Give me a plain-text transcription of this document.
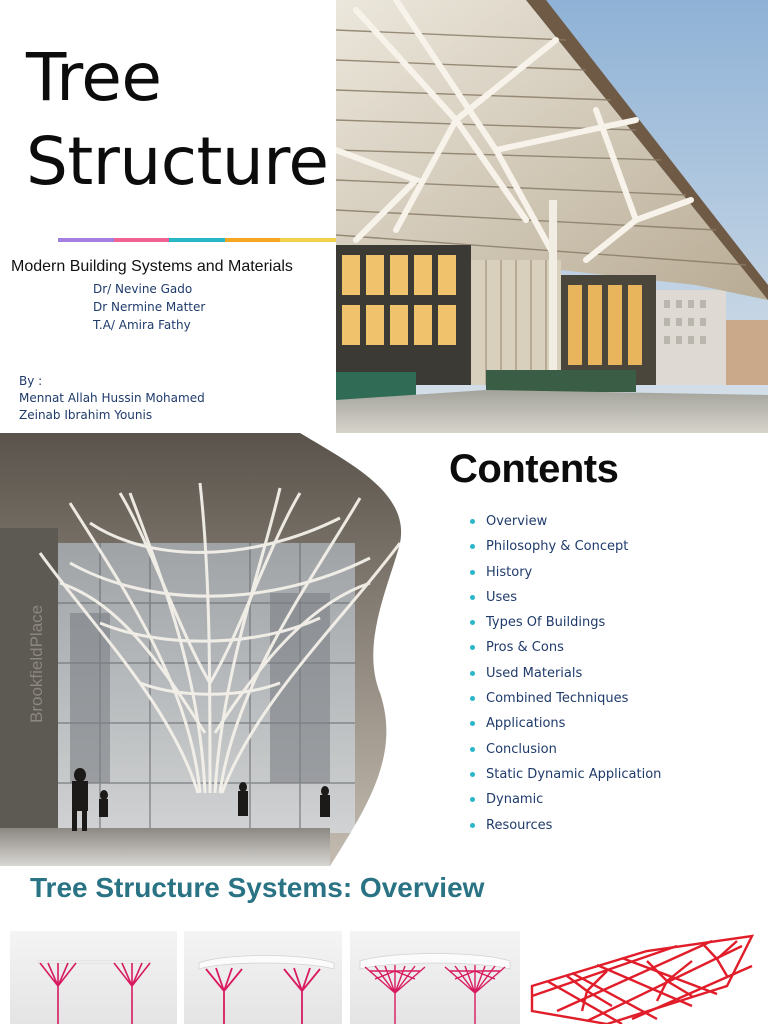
Tree
Structure
Modern Building Systems and Materials
Dr/ Nevine Gado
Dr Nermine Matter
T.A/ Amira Fathy
By :
Mennat Allah Hussin Mohamed
Zeinab Ibrahim Younis
BrookfieldPlace
Contents
Overview
Philosophy & Concept
History
Uses
Types Of Buildings
Pros & Cons
Used Materials
Combined Techniques
Applications
Conclusion
Static Dynamic Application
Dynamic
Resources
Tree Structure Systems: Overview
